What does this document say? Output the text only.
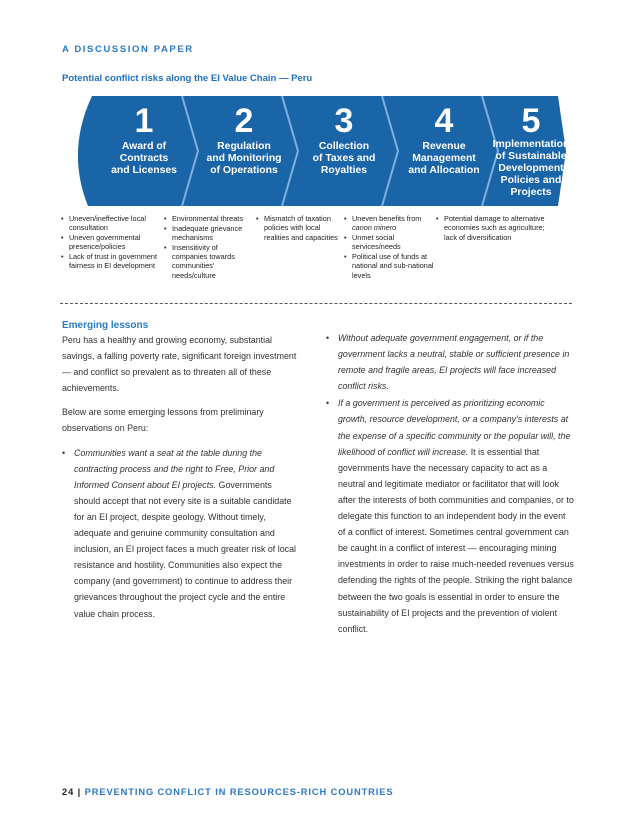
A DISCUSSION PAPER
Potential conflict risks along the EI Value Chain — Peru
1
Award of
Contracts
and Licenses
2
Regulation
and Monitoring
of Operations
3
Collection
of Taxes and
Royalties
4
Revenue
Management
and Allocation
5
Implementation
of Sustainable
Development
Policies and
Projects
• Uneven/ineffective local consultation
• Uneven governmental presence/policies
• Lack of trust in government fairness in EI development
• Environmental threats
• Inadequate grievance mechanisms
• Insensitivity of companies towards communities' needs/culture
• Mismatch of taxation policies with local realities and capacities
• Uneven benefits from
canon minero
• Unmet social services/needs
• Political use of funds at national and sub-national levels
• Potential damage to alternative economies such as agriculture; lack of diversification
Emerging lessons

Peru has a healthy and growing economy, substantial savings, a falling poverty rate, significant foreign investment — and conflict so prevalent as to threaten all of these achievements.

Below are some emerging lessons from preliminary observations on Peru:

• Communities want a seat at the table during the contracting process and the right to Free, Prior and Informed Consent about EI projects. Governments should accept that not every site is a suitable candidate for an EI project, despite geology. Without timely, adequate and genuine community consultation and inclusion, an EI project faces a much greater risk of local resistance and hostility. Communities also expect the company (and government) to continue to address their grievances throughout the project cycle and the entire value chain process.
• Without adequate government engagement, or if the government lacks a neutral, stable or sufficient presence in remote and fragile areas, EI projects will face increased conflict risks.
• If a government is perceived as prioritizing economic growth, resource development, or a company's interests at the expense of a specific community or the popular will, the likelihood of conflict will increase. It is essential that governments have the necessary capacity to act as a neutral and legitimate mediator or facilitator that will look after the interests of both communities and companies, or to delegate this function to an independent body in the event of a conflict of interest. Sometimes central government can be caught in a conflict of interest — encouraging mining investments in order to raise much-needed revenues versus defending the rights of the people. Striking the right balance between the two goals is essential in order to ensure the sustainability of EI projects and the prevention of violent conflict.
24 | PREVENTING CONFLICT IN RESOURCES-RICH COUNTRIES
